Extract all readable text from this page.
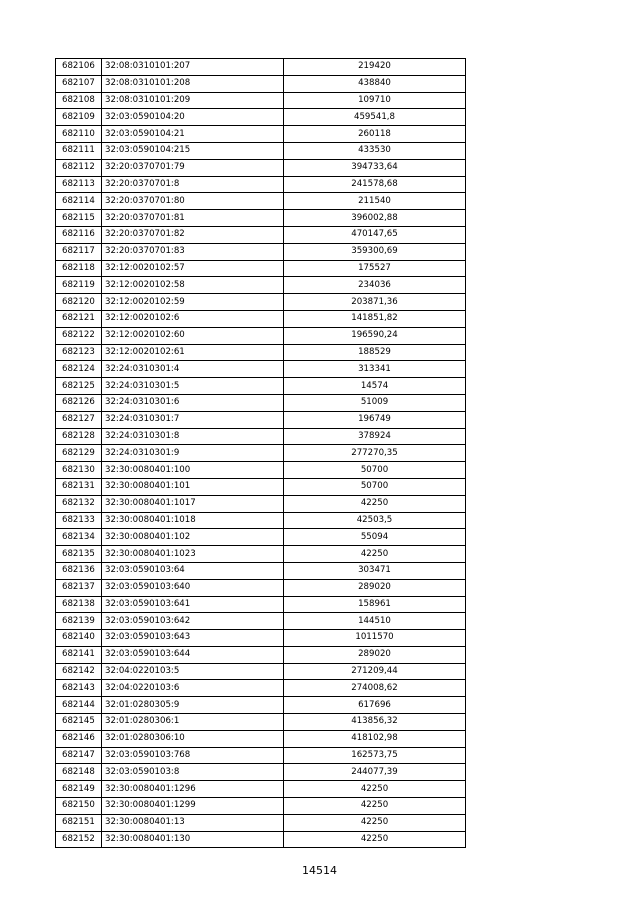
682106	32:08:0310101:207	219420
682107	32:08:0310101:208	438840
682108	32:08:0310101:209	109710
682109	32:03:0590104:20	459541,8
682110	32:03:0590104:21	260118
682111	32:03:0590104:215	433530
682112	32:20:0370701:79	394733,64
682113	32:20:0370701:8	241578,68
682114	32:20:0370701:80	211540
682115	32:20:0370701:81	396002,88
682116	32:20:0370701:82	470147,65
682117	32:20:0370701:83	359300,69
682118	32:12:0020102:57	175527
682119	32:12:0020102:58	234036
682120	32:12:0020102:59	203871,36
682121	32:12:0020102:6	141851,82
682122	32:12:0020102:60	196590,24
682123	32:12:0020102:61	188529
682124	32:24:0310301:4	313341
682125	32:24:0310301:5	14574
682126	32:24:0310301:6	51009
682127	32:24:0310301:7	196749
682128	32:24:0310301:8	378924
682129	32:24:0310301:9	277270,35
682130	32:30:0080401:100	50700
682131	32:30:0080401:101	50700
682132	32:30:0080401:1017	42250
682133	32:30:0080401:1018	42503,5
682134	32:30:0080401:102	55094
682135	32:30:0080401:1023	42250
682136	32:03:0590103:64	303471
682137	32:03:0590103:640	289020
682138	32:03:0590103:641	158961
682139	32:03:0590103:642	144510
682140	32:03:0590103:643	1011570
682141	32:03:0590103:644	289020
682142	32:04:0220103:5	271209,44
682143	32:04:0220103:6	274008,62
682144	32:01:0280305:9	617696
682145	32:01:0280306:1	413856,32
682146	32:01:0280306:10	418102,98
682147	32:03:0590103:768	162573,75
682148	32:03:0590103:8	244077,39
682149	32:30:0080401:1296	42250
682150	32:30:0080401:1299	42250
682151	32:30:0080401:13	42250
682152	32:30:0080401:130	42250
14514
